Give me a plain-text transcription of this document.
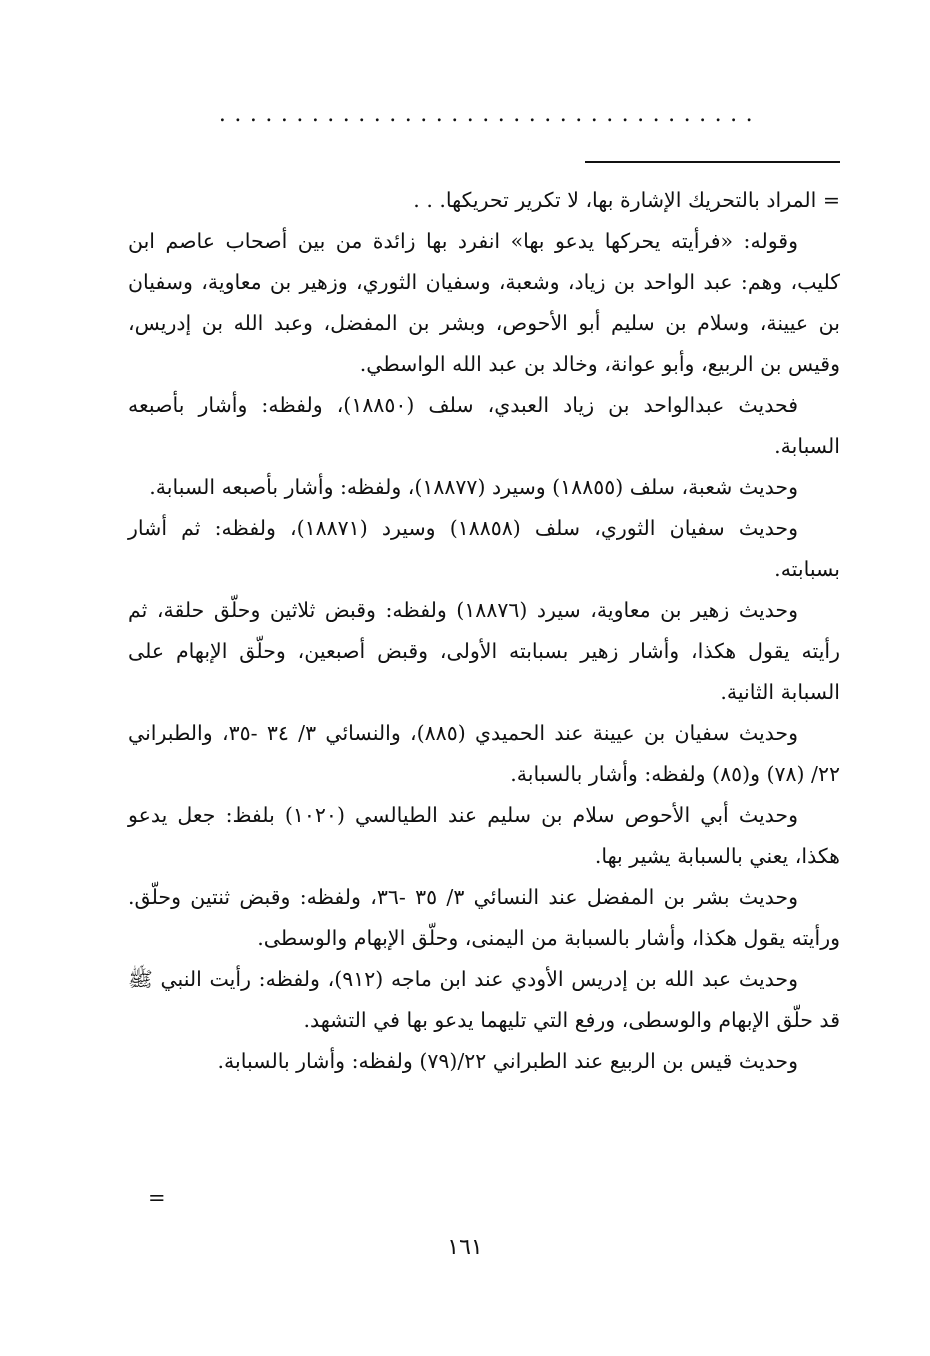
...................................

= المراد بالتحريك الإشارة بها، لا تكرير تحريكها. . .

وقوله: «فرأيته يحركها يدعو بها» انفرد بها زائدة من بين أصحاب عاصم ابن كليب، وهم: عبد الواحد بن زياد، وشعبة، وسفيان الثوري، وزهير بن معاوية، وسفيان بن عيينة، وسلام بن سليم أبو الأحوص، وبشر بن المفضل، وعبد الله بن إدريس، وقيس بن الربيع، وأبو عوانة، وخالد بن عبد الله الواسطي.

فحديث عبدالواحد بن زياد العبدي، سلف (١٨٨٥٠)، ولفظه: وأشار بأصبعه السبابة.

وحديث شعبة، سلف (١٨٨٥٥) وسيرد (١٨٨٧٧)، ولفظه: وأشار بأصبعه السبابة.

وحديث سفيان الثوري، سلف (١٨٨٥٨) وسيرد (١٨٨٧١)، ولفظه: ثم أشار بسبابته.

وحديث زهير بن معاوية، سيرد (١٨٨٧٦) ولفظه: وقبض ثلاثين وحلّق حلقة، ثم رأيته يقول هكذا، وأشار زهير بسبابته الأولى، وقبض أصبعين، وحلّق الإبهام على السبابة الثانية.

وحديث سفيان بن عيينة عند الحميدي (٨٨٥)، والنسائي ٣/ ٣٤ -٣٥، والطبراني ٢٢/ (٧٨) و(٨٥) ولفظه: وأشار بالسبابة.

وحديث أبي الأحوص سلام بن سليم عند الطيالسي (١٠٢٠) بلفظ: جعل يدعو هكذا، يعني بالسبابة يشير بها.

وحديث بشر بن المفضل عند النسائي ٣/ ٣٥ -٣٦، ولفظه: وقبض ثنتين وحلّق. ورأيته يقول هكذا، وأشار بالسبابة من اليمنى، وحلّق الإبهام والوسطى.

وحديث عبد الله بن إدريس الأودي عند ابن ماجه (٩١٢)، ولفظه: رأيت النبي ﷺ قد حلّق الإبهام والوسطى، ورفع التي تليهما يدعو بها في التشهد.

وحديث قيس بن الربيع عند الطبراني ٢٢/(٧٩) ولفظه: وأشار بالسبابة.

=
١٦١
